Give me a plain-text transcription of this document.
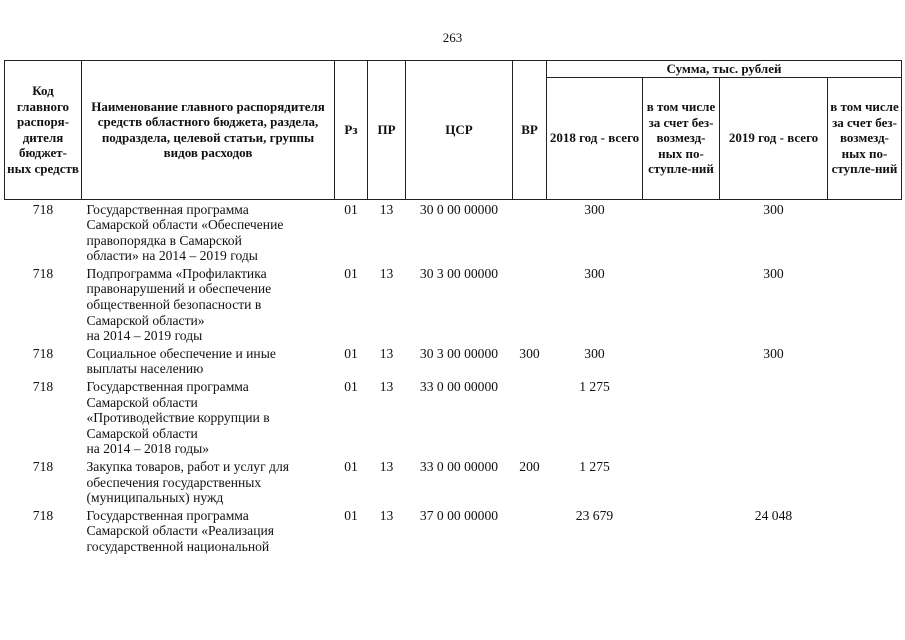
263
Код главного распоря-дителя бюджет-ных средств	Наименование главного распорядителя средств областного бюджета, раздела, подраздела, целевой статьи, группы видов расходов	Рз	ПР	ЦСР	ВР	Сумма, тыс. рублей			
						2018 год - всего	в том числе за счет без-возмезд-ных по-ступле-ний	2019 год - всего	в том числе за счет без-возмезд-ных по-ступле-ний
718	Государственная программа
Самарской области «Обеспечение
правопорядка в Самарской
области» на 2014 – 2019 годы	01	13	30 0 00 00000		300		300	
718	Подпрограмма «Профилактика
правонарушений и обеспечение
общественной безопасности в
Самарской области»
на 2014 – 2019 годы	01	13	30 3 00 00000		300		300	
718	Социальное обеспечение и иные
выплаты населению	01	13	30 3 00 00000	300	300		300	
718	Государственная программа
Самарской области
«Противодействие коррупции в
Самарской области
на 2014 – 2018 годы»	01	13	33 0 00 00000		1 275			
718	Закупка товаров, работ и услуг для
обеспечения государственных
(муниципальных) нужд	01	13	33 0 00 00000	200	1 275			
718	Государственная программа
Самарской области «Реализация
государственной национальной	01	13	37 0 00 00000		23 679		24 048	
